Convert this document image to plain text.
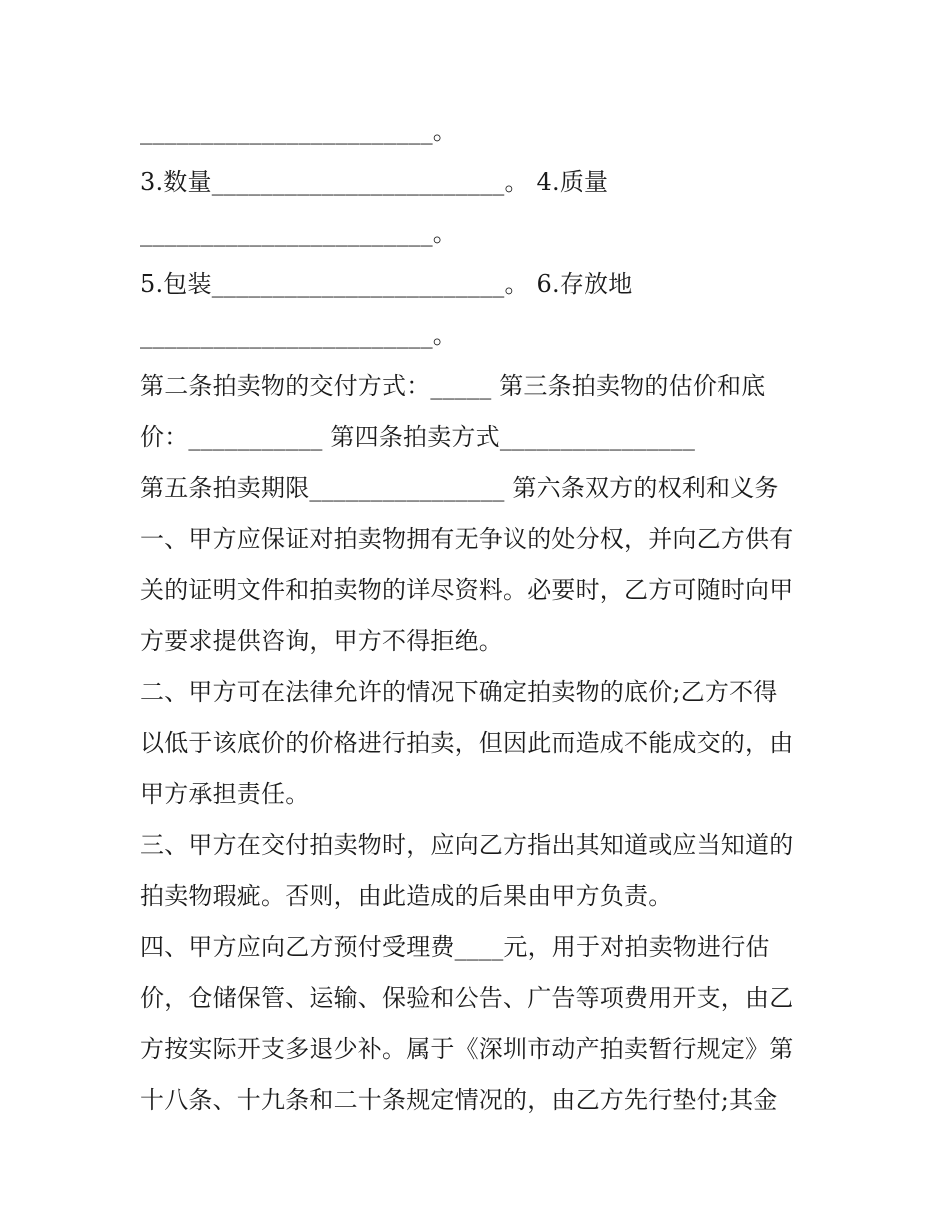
________________________。
3.数量________________________。 4.质量
________________________。
5.包装________________________。 6.存放地
________________________。
第二条拍卖物的交付方式：_____ 第三条拍卖物的估价和底
价：___________ 第四条拍卖方式________________
第五条拍卖期限________________ 第六条双方的权利和义务
一、甲方应保证对拍卖物拥有无争议的处分权，并向乙方供有
关的证明文件和拍卖物的详尽资料。必要时，乙方可随时向甲
方要求提供咨询，甲方不得拒绝。
二、甲方可在法律允许的情况下确定拍卖物的底价;乙方不得
以低于该底价的价格进行拍卖，但因此而造成不能成交的，由
甲方承担责任。
三、甲方在交付拍卖物时，应向乙方指出其知道或应当知道的
拍卖物瑕疵。否则，由此造成的后果由甲方负责。
四、甲方应向乙方预付受理费____元，用于对拍卖物进行估
价，仓储保管、运输、保验和公告、广告等项费用开支，由乙
方按实际开支多退少补。属于《深圳市动产拍卖暂行规定》第
十八条、十九条和二十条规定情况的，由乙方先行垫付;其金
